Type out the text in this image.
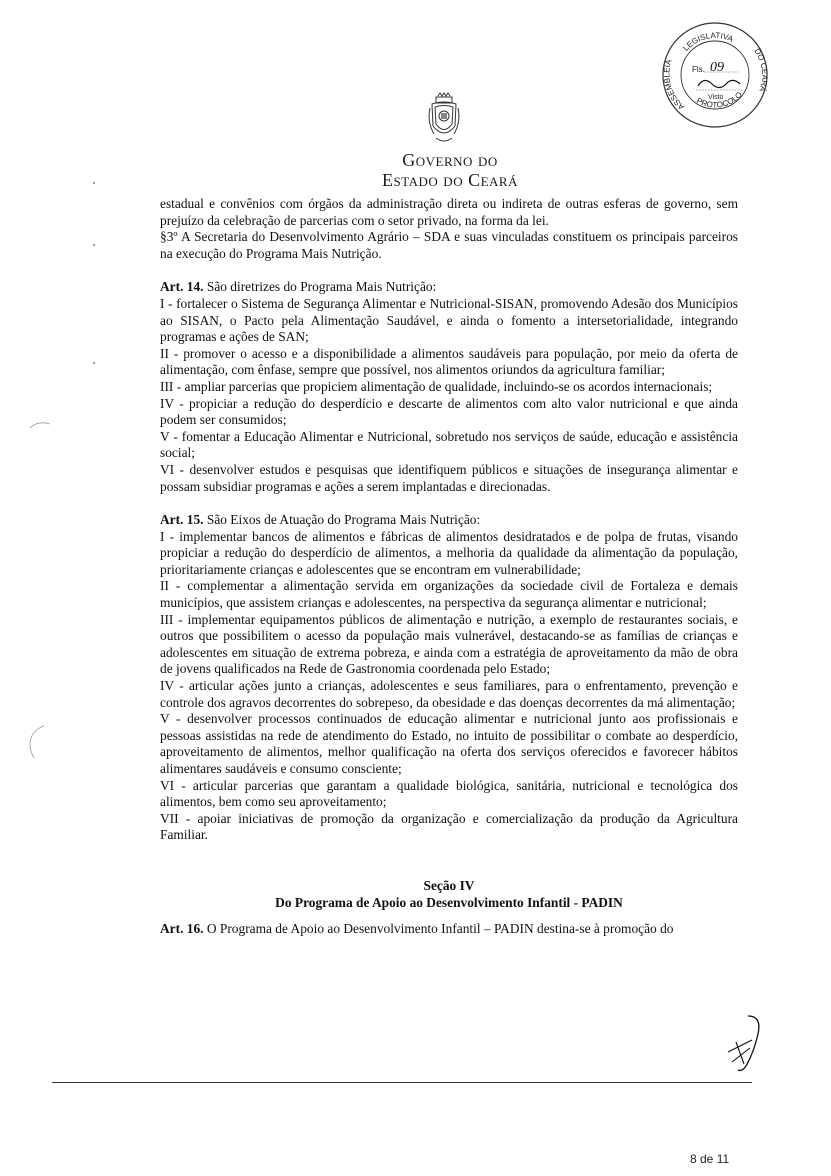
GOVERNO DO
ESTADO DO CEARÁ
LEGISLATIVA
ASSEMBLÉIA
DO CEARÁ
PROTOCOLO
Fls. 09
Visto

estadual e convênios com órgãos da administração direta ou indireta de outras esferas de governo, sem prejuízo da celebração de parcerias com o setor privado, na forma da lei.

§3º A Secretaria do Desenvolvimento Agrário – SDA e suas vinculadas constituem os principais parceiros na execução do Programa Mais Nutrição.

Art. 14. São diretrizes do Programa Mais Nutrição:

I - fortalecer o Sistema de Segurança Alimentar e Nutricional-SISAN, promovendo Adesão dos Municípios ao SISAN, o Pacto pela Alimentação Saudável, e ainda o fomento a intersetorialidade, integrando programas e ações de SAN;

II - promover o acesso e a disponibilidade a alimentos saudáveis para população, por meio da oferta de alimentação, com ênfase, sempre que possível, nos alimentos oriundos da agricultura familiar;

III - ampliar parcerias que propiciem alimentação de qualidade, incluindo-se os acordos internacionais;

IV - propiciar a redução do desperdício e descarte de alimentos com alto valor nutricional e que ainda podem ser consumidos;

V - fomentar a Educação Alimentar e Nutricional, sobretudo nos serviços de saúde, educação e assistência social;

VI - desenvolver estudos e pesquisas que identifiquem públicos e situações de insegurança alimentar e possam subsidiar programas e ações a serem implantadas e direcionadas.

Art. 15. São Eixos de Atuação do Programa Mais Nutrição:

I - implementar bancos de alimentos e fábricas de alimentos desidratados e de polpa de frutas, visando propiciar a redução do desperdício de alimentos, a melhoria da qualidade da alimentação da população, prioritariamente crianças e adolescentes que se encontram em vulnerabilidade;

II - complementar a alimentação servida em organizações da sociedade civil de Fortaleza e demais municípios, que assistem crianças e adolescentes, na perspectiva da segurança alimentar e nutricional;

III - implementar equipamentos públicos de alimentação e nutrição, a exemplo de restaurantes sociais, e outros que possibilitem o acesso da população mais vulnerável, destacando-se as famílias de crianças e adolescentes em situação de extrema pobreza, e ainda com a estratégia de aproveitamento da mão de obra de jovens qualificados na Rede de Gastronomia coordenada pelo Estado;

IV - articular ações junto a crianças, adolescentes e seus familiares, para o enfrentamento, prevenção e controle dos agravos decorrentes do sobrepeso, da obesidade e das doenças decorrentes da má alimentação;

V - desenvolver processos continuados de educação alimentar e nutricional junto aos profissionais e pessoas assistidas na rede de atendimento do Estado, no intuito de possibilitar o combate ao desperdício, aproveitamento de alimentos, melhor qualificação na oferta dos serviços oferecidos e favorecer hábitos alimentares saudáveis e consumo consciente;

VI - articular parcerias que garantam a qualidade biológica, sanitária, nutricional e tecnológica dos alimentos, bem como seu aproveitamento;

VII - apoiar iniciativas de promoção da organização e comercialização da produção da Agricultura Familiar.

Seção IV

Do Programa de Apoio ao Desenvolvimento Infantil - PADIN

Art. 16. O Programa de Apoio ao Desenvolvimento Infantil – PADIN destina-se à promoção do

8 de 11
